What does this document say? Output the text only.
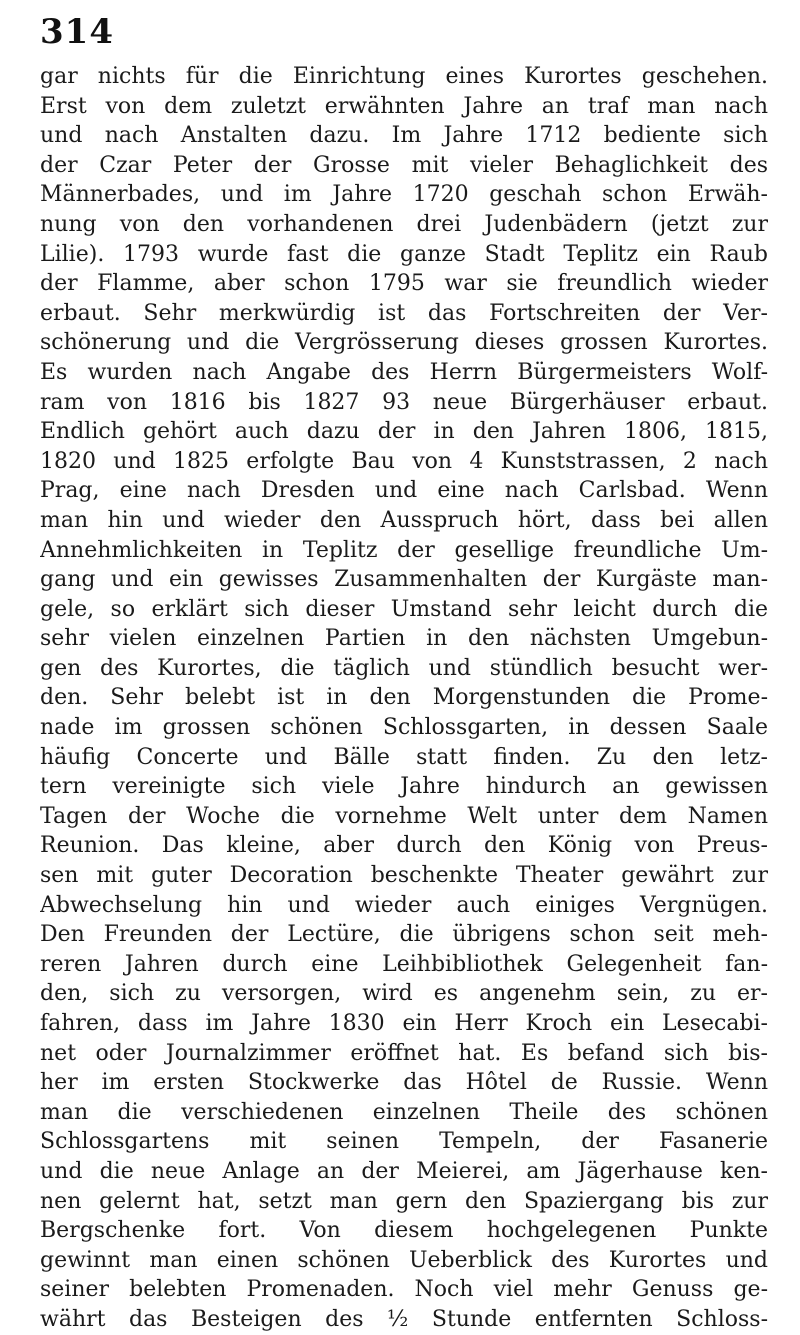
314
gar nichts für die Einrichtung eines Kurortes geschehen.
Erst von dem zuletzt erwähnten Jahre an traf man nach
und nach Anstalten dazu. Im Jahre 1712 bediente sich
der Czar Peter der Grosse mit vieler Behaglichkeit des
Männerbades, und im Jahre 1720 geschah schon Erwäh-
nung von den vorhandenen drei Judenbädern (jetzt zur
Lilie). 1793 wurde fast die ganze Stadt Teplitz ein Raub
der Flamme, aber schon 1795 war sie freundlich wieder
erbaut. Sehr merkwürdig ist das Fortschreiten der Ver-
schönerung und die Vergrösserung dieses grossen Kurortes.
Es wurden nach Angabe des Herrn Bürgermeisters Wolf-
ram von 1816 bis 1827 93 neue Bürgerhäuser erbaut.
Endlich gehört auch dazu der in den Jahren 1806, 1815,
1820 und 1825 erfolgte Bau von 4 Kunststrassen, 2 nach
Prag, eine nach Dresden und eine nach Carlsbad. Wenn
man hin und wieder den Ausspruch hört, dass bei allen
Annehmlichkeiten in Teplitz der gesellige freundliche Um-
gang und ein gewisses Zusammenhalten der Kurgäste man-
gele, so erklärt sich dieser Umstand sehr leicht durch die
sehr vielen einzelnen Partien in den nächsten Umgebun-
gen des Kurortes, die täglich und stündlich besucht wer-
den. Sehr belebt ist in den Morgenstunden die Prome-
nade im grossen schönen Schlossgarten, in dessen Saale
häufig Concerte und Bälle statt finden. Zu den letz-
tern vereinigte sich viele Jahre hindurch an gewissen
Tagen der Woche die vornehme Welt unter dem Namen
Reunion. Das kleine, aber durch den König von Preus-
sen mit guter Decoration beschenkte Theater gewährt zur
Abwechselung hin und wieder auch einiges Vergnügen.
Den Freunden der Lectüre, die übrigens schon seit meh-
reren Jahren durch eine Leihbibliothek Gelegenheit fan-
den, sich zu versorgen, wird es angenehm sein, zu er-
fahren, dass im Jahre 1830 ein Herr Kroch ein Lesecabi-
net oder Journalzimmer eröffnet hat. Es befand sich bis-
her im ersten Stockwerke das Hôtel de Russie. Wenn
man die verschiedenen einzelnen Theile des schönen
Schlossgartens mit seinen Tempeln, der Fasanerie
und die neue Anlage an der Meierei, am Jägerhause ken-
nen gelernt hat, setzt man gern den Spaziergang bis zur
Bergschenke fort. Von diesem hochgelegenen Punkte
gewinnt man einen schönen Ueberblick des Kurortes und
seiner belebten Promenaden. Noch viel mehr Genuss ge-
währt das Besteigen des ½ Stunde entfernten Schloss-
